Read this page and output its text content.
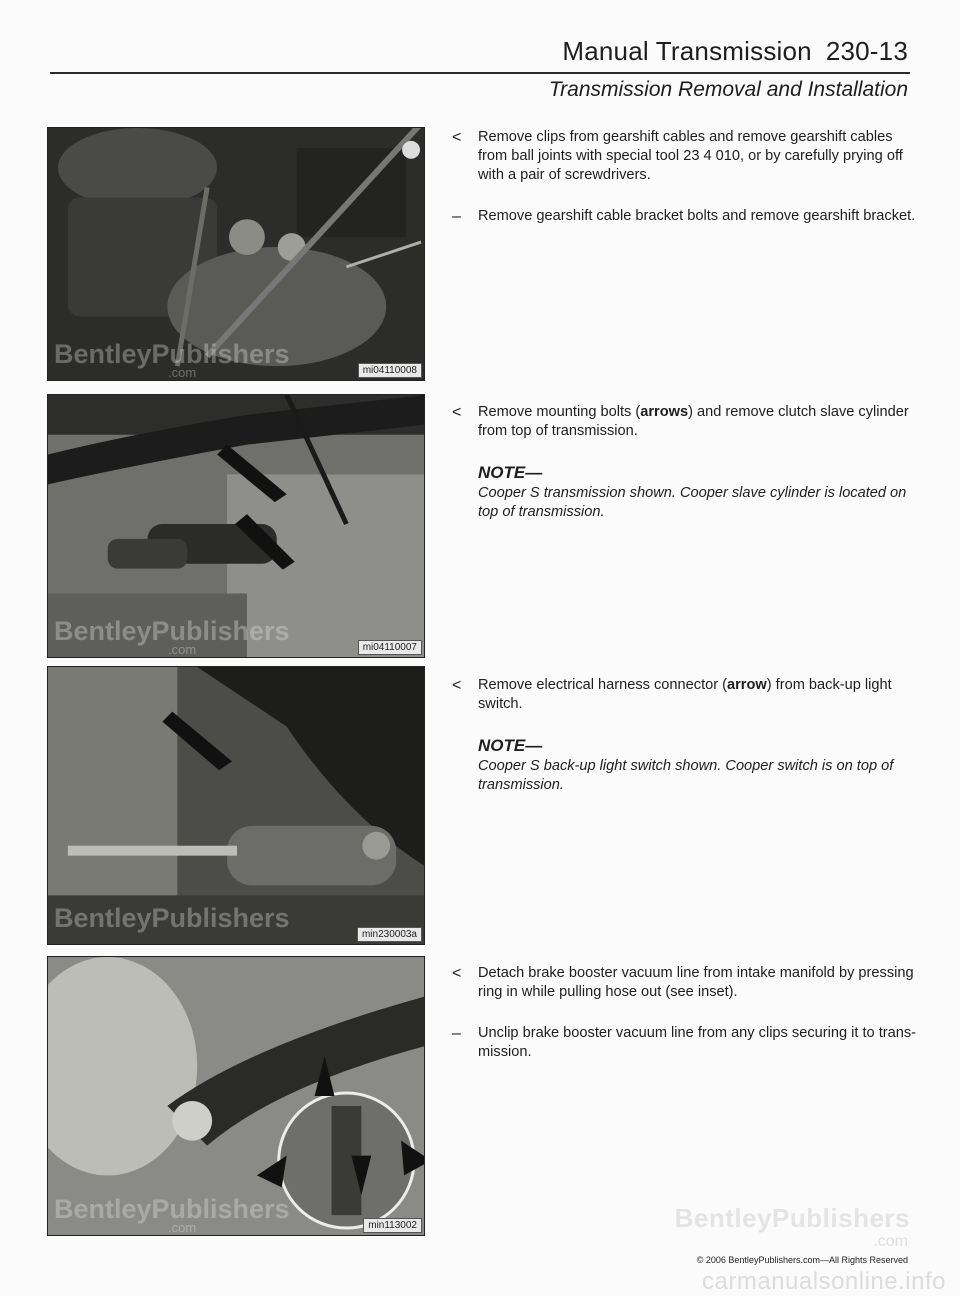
Manual Transmission 230-13
Transmission Removal and Installation
BentleyPublishers
.com	mi04110008
BentleyPublishers
.com	mi04110007
BentleyPublishers
min230003a
BentleyPublishers
.com	min113002
<	Remove clips from gearshift cables and remove gearshift cables from ball joints with special tool 23 4 010, or by carefully prying off with a pair of screwdrivers.
–	Remove gearshift cable bracket bolts and remove gearshift bracket.
<	Remove mounting bolts (arrows) and remove clutch slave cylinder from top of transmission.
NOTE—
Cooper S transmission shown. Cooper slave cylinder is located on top of transmission.
<	Remove electrical harness connector (arrow) from back-up light switch.
NOTE—
Cooper S back-up light switch shown. Cooper switch is on top of transmission.
<	Detach brake booster vacuum line from intake manifold by pressing ring in while pulling hose out (see inset).
–	Unclip brake booster vacuum line from any clips securing it to trans-mission.
BentleyPublishers
.com
© 2006 BentleyPublishers.com—All Rights Reserved
carmanualsonline.info
